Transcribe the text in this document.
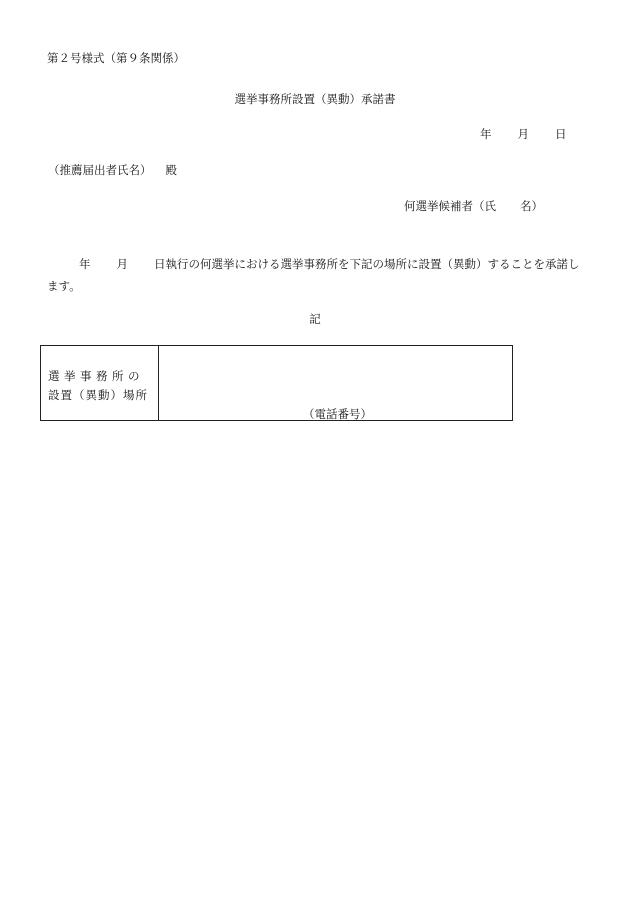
第２号様式（第９条関係）
選挙事務所設置（異動）承諾書
年 月 日
（推薦届出者氏名） 殿
何選挙候補者（氏 名）
年 月 日執行の何選挙における選挙事務所を下記の場所に設置（異動）することを承諾します。
記
選挙事務所の
設置（異動）場所
（電話番号）
